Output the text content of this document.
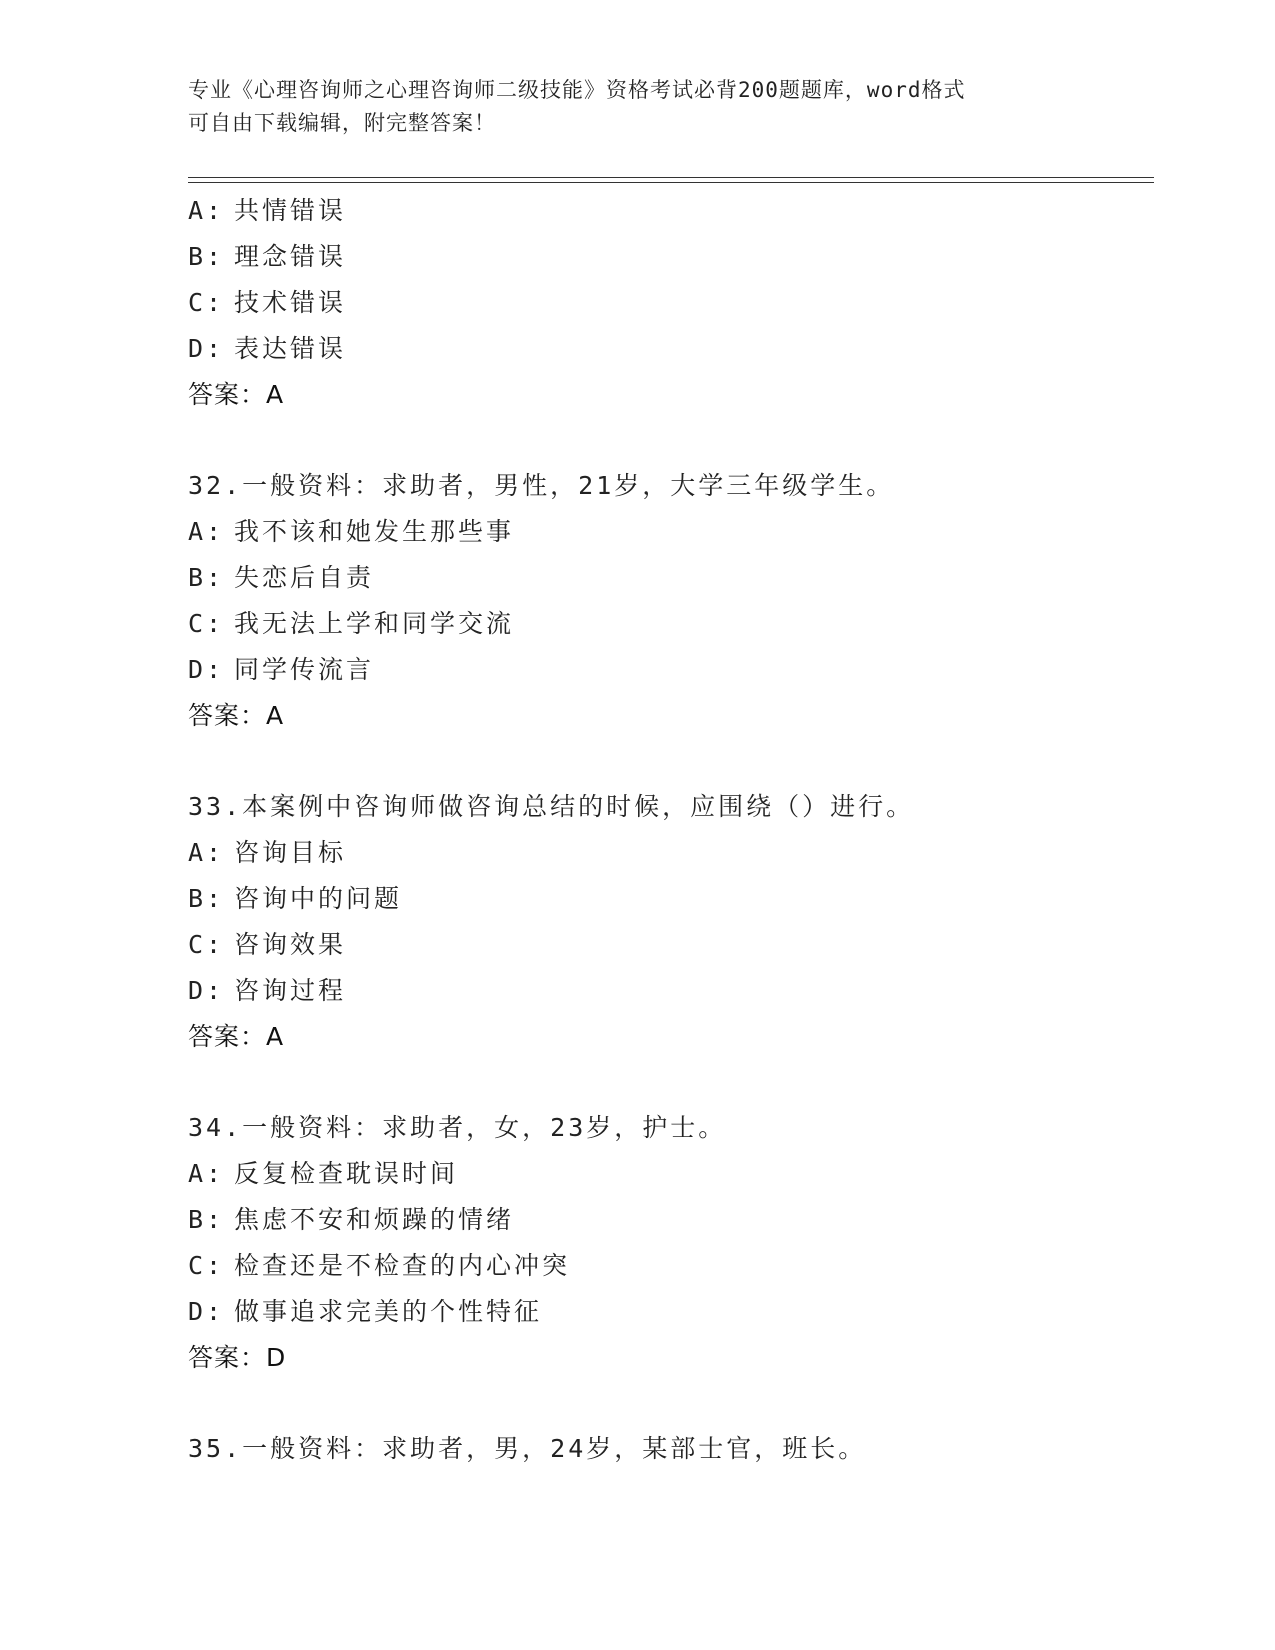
专业《心理咨询师之心理咨询师二级技能》资格考试必背200题题库，word格式
可自由下载编辑，附完整答案！
A: 共情错误
B: 理念错误
C: 技术错误
D: 表达错误
答案：A
32.一般资料：求助者，男性，21岁，大学三年级学生。
A: 我不该和她发生那些事
B: 失恋后自责
C: 我无法上学和同学交流
D: 同学传流言
答案：A
33.本案例中咨询师做咨询总结的时候，应围绕（）进行。
A: 咨询目标
B: 咨询中的问题
C: 咨询效果
D: 咨询过程
答案：A
34.一般资料：求助者，女，23岁，护士。
A: 反复检查耽误时间
B: 焦虑不安和烦躁的情绪
C: 检查还是不检查的内心冲突
D: 做事追求完美的个性特征
答案：D
35.一般资料：求助者，男，24岁，某部士官，班长。
